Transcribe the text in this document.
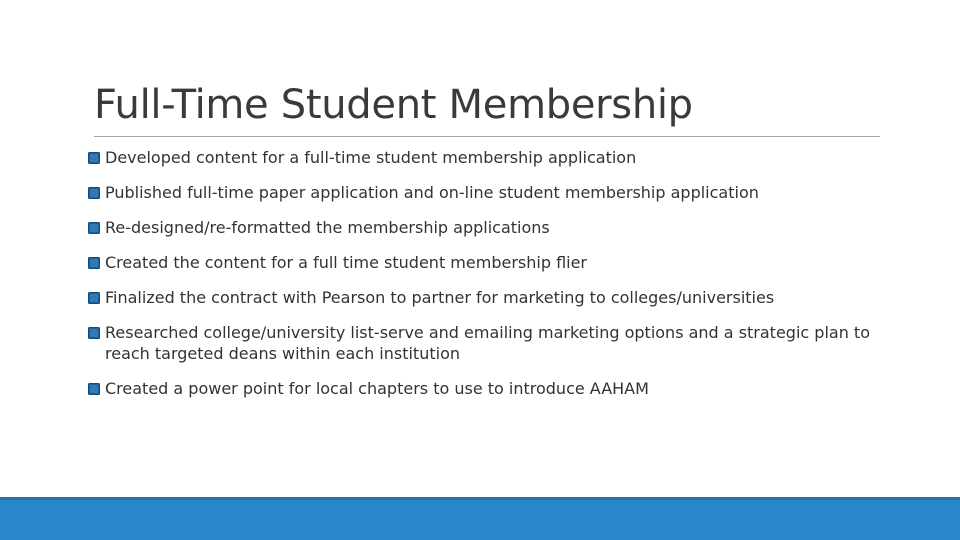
Full-Time Student Membership
Developed content for a full-time student membership application
Published full-time paper application and on-line student membership application
Re-designed/re-formatted the membership applications
Created the content for a full time student membership flier
Finalized the contract with Pearson to partner for marketing to colleges/universities
Researched college/university list-serve and emailing marketing options and a strategic plan to reach targeted deans within each institution
Created a power point for local chapters to use to introduce AAHAM
